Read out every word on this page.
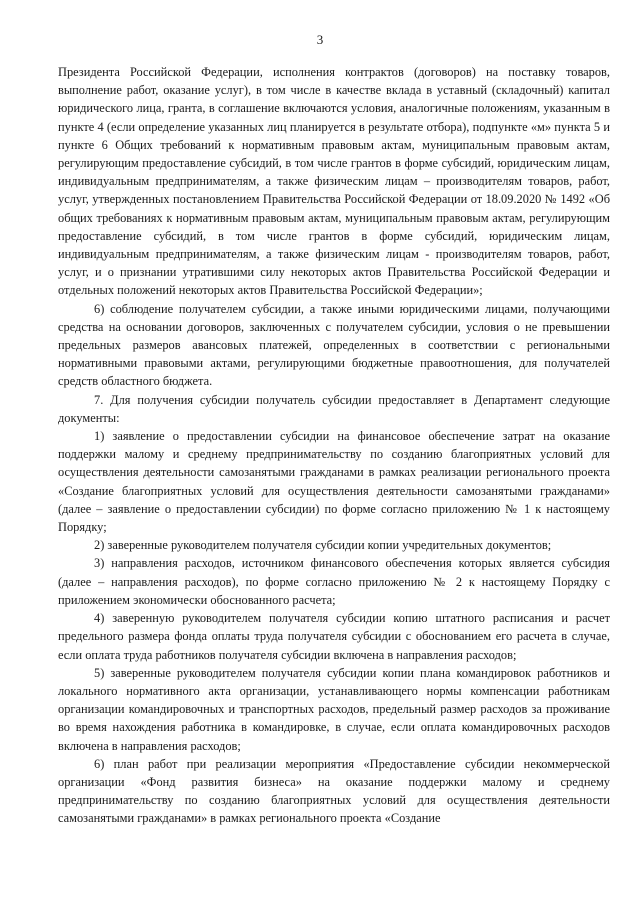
3

Президента Российской Федерации, исполнения контрактов (договоров) на поставку товаров, выполнение работ, оказание услуг), в том числе в качестве вклада в уставный (складочный) капитал юридического лица, гранта, в соглашение включаются условия, аналогичные положениям, указанным в пункте 4 (если определение указанных лиц планируется в результате отбора), подпункте «м» пункта 5 и пункте 6 Общих требований к нормативным правовым актам, муниципальным правовым актам, регулирующим предоставление субсидий, в том числе грантов в форме субсидий, юридическим лицам, индивидуальным предпринимателям, а также физическим лицам – производителям товаров, работ, услуг, утвержденных постановлением Правительства Российской Федерации от 18.09.2020 № 1492 «Об общих требованиях к нормативным правовым актам, муниципальным правовым актам, регулирующим предоставление субсидий, в том числе грантов в форме субсидий, юридическим лицам, индивидуальным предпринимателям, а также физическим лицам - производителям товаров, работ, услуг, и о признании утратившими силу некоторых актов Правительства Российской Федерации и отдельных положений некоторых актов Правительства Российской Федерации»;

6) соблюдение получателем субсидии, а также иными юридическими лицами, получающими средства на основании договоров, заключенных с получателем субсидии, условия о не превышении предельных размеров авансовых платежей, определенных в соответствии с региональными нормативными правовыми актами, регулирующими бюджетные правоотношения, для получателей средств областного бюджета.

7. Для получения субсидии получатель субсидии предоставляет в Департамент следующие документы:

1) заявление о предоставлении субсидии на финансовое обеспечение затрат на оказание поддержки малому и среднему предпринимательству по созданию благоприятных условий для осуществления деятельности самозанятыми гражданами в рамках реализации регионального проекта «Создание благоприятных условий для осуществления деятельности самозанятыми гражданами» (далее – заявление о предоставлении субсидии) по форме согласно приложению № 1 к настоящему Порядку;

2) заверенные руководителем получателя субсидии копии учредительных документов;

3) направления расходов, источником финансового обеспечения которых является субсидия (далее – направления расходов), по форме согласно приложению № 2 к настоящему Порядку с приложением экономически обоснованного расчета;

4) заверенную руководителем получателя субсидии копию штатного расписания и расчет предельного размера фонда оплаты труда получателя субсидии с обоснованием его расчета в случае, если оплата труда работников получателя субсидии включена в направления расходов;

5) заверенные руководителем получателя субсидии копии плана командировок работников и локального нормативного акта организации, устанавливающего нормы компенсации работникам организации командировочных и транспортных расходов, предельный размер расходов за проживание во время нахождения работника в командировке, в случае, если оплата командировочных расходов включена в направления расходов;

6) план работ при реализации мероприятия «Предоставление субсидии некоммерческой организации «Фонд развития бизнеса» на оказание поддержки малому и среднему предпринимательству по созданию благоприятных условий для осуществления деятельности самозанятыми гражданами» в рамках регионального проекта «Создание
